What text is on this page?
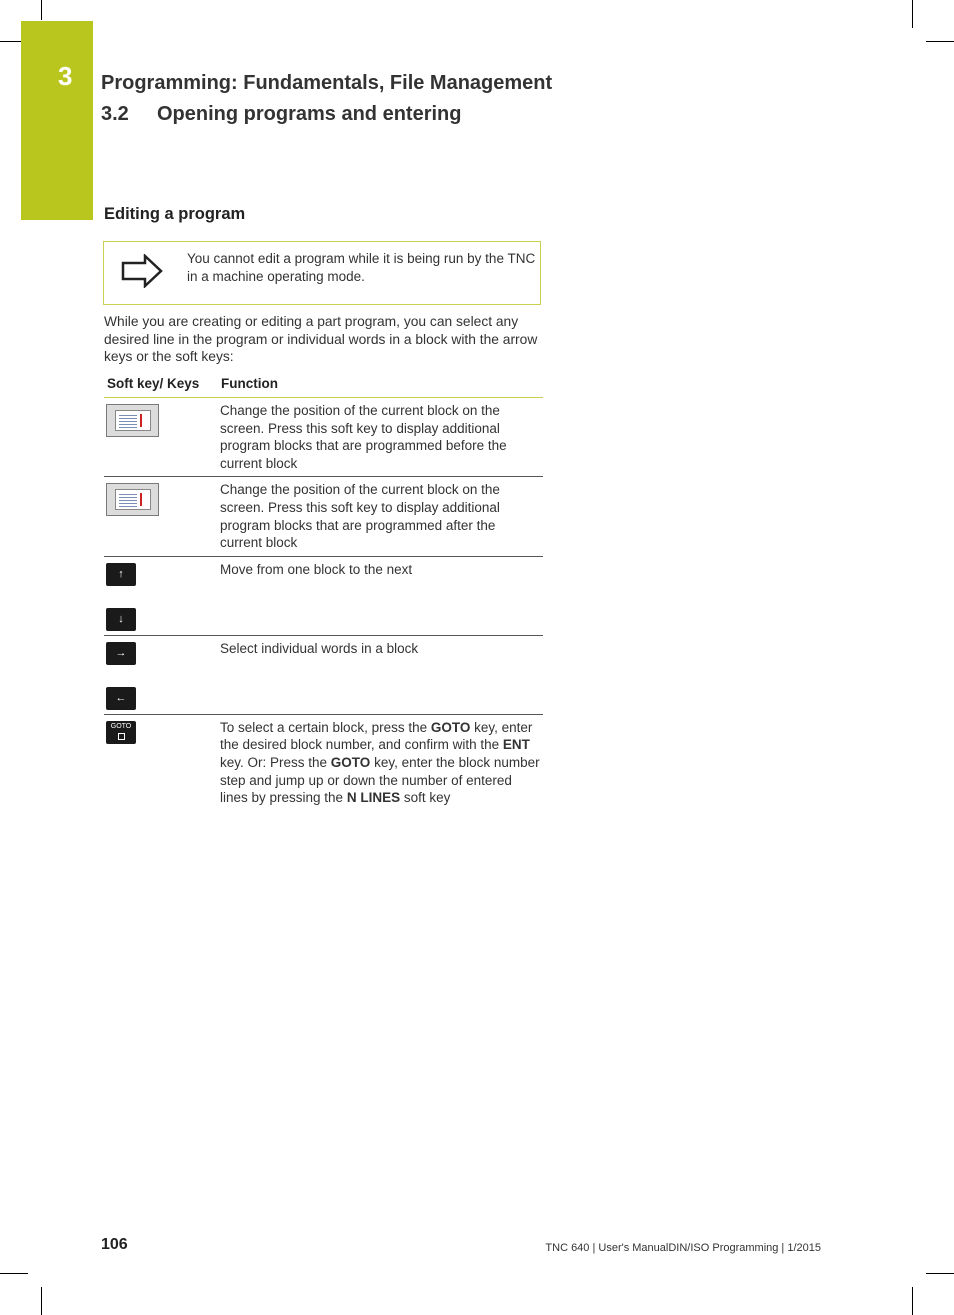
3 Programming: Fundamentals, File Management
3.2 Opening programs and entering
Editing a program
You cannot edit a program while it is being run by the TNC in a machine operating mode.
While you are creating or editing a part program, you can select any desired line in the program or individual words in a block with the arrow keys or the soft keys:
Soft key/ Keys	Function

	Change the position of the current block on the screen. Press this soft key to display additional program blocks that are programmed before the current block

	Change the position of the current block on the screen. Press this soft key to display additional program blocks that are programmed after the current block

↑
↓	Move from one block to the next

→
←	Select individual words in a block

GOTO	To select a certain block, press the GOTO key, enter the desired block number, and confirm with the ENT key. Or: Press the GOTO key, enter the block number step and jump up or down the number of entered lines by pressing the N LINES soft key
106	TNC 640 | User's ManualDIN/ISO Programming | 1/2015
